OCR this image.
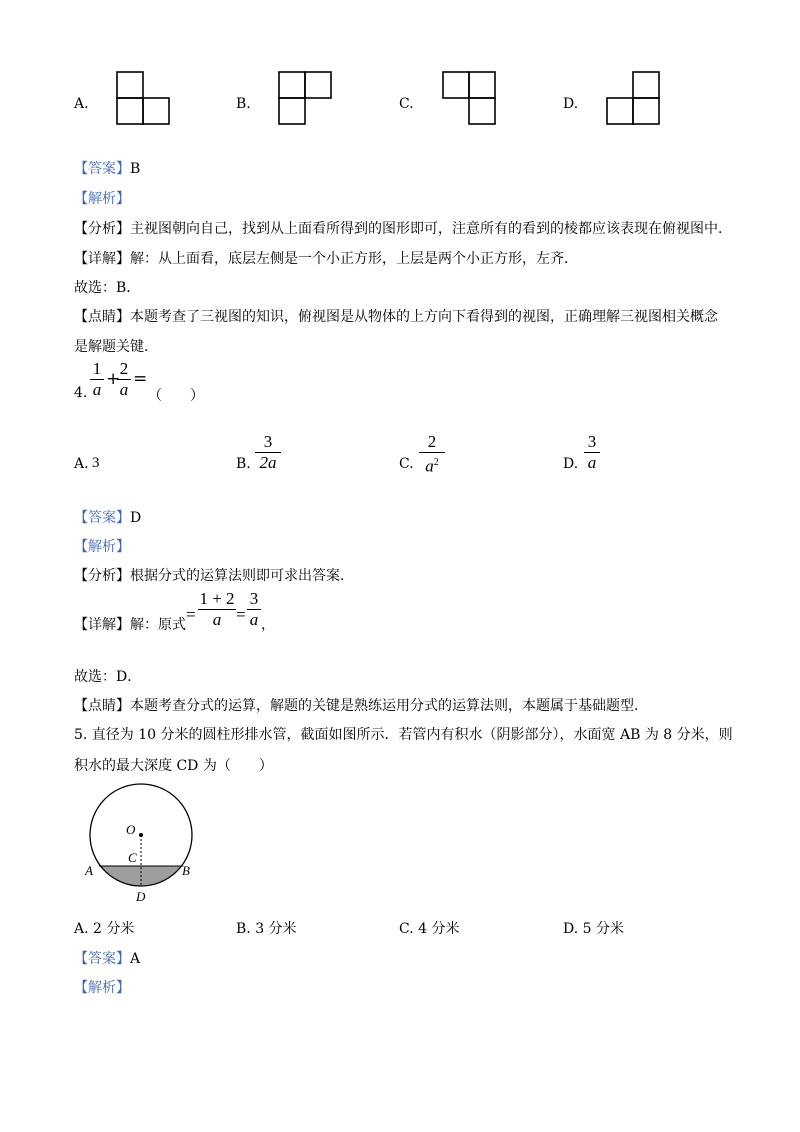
A.	B.	C.	D.
【答案】B
【解析】
【分析】主视图朝向自己，找到从上面看所得到的图形即可，注意所有的看到的棱都应该表现在俯视图中．
【详解】解：从上面看，底层左侧是一个小正方形，上层是两个小正方形，左齐．
故选：B．
【点睛】本题考查了三视图的知识，俯视图是从物体的上方向下看得到的视图，正确理解三视图相关概念
是解题关键．
4.
1
a
+
2
a
=
（　　）
A. 3	B.
3
2a	C.
2
$a^2$	D.
3
a
【答案】D
【解析】
【分析】根据分式的运算法则即可求出答案．
【详解】解：原式
=
1 + 2
a =
3
a ，
故选：D．
【点睛】本题考查分式的运算，解题的关键是熟练运用分式的运算法则，本题属于基础题型．
5. 直径为 10 分米的圆柱形排水管，截面如图所示．若管内有积水（阴影部分），水面宽 AB 为 8 分米，则
积水的最大深度 CD 为（　　）
O
C
A	B
D
A. 2 分米	B. 3 分米	C. 4 分米	D. 5 分米
【答案】A
【解析】
